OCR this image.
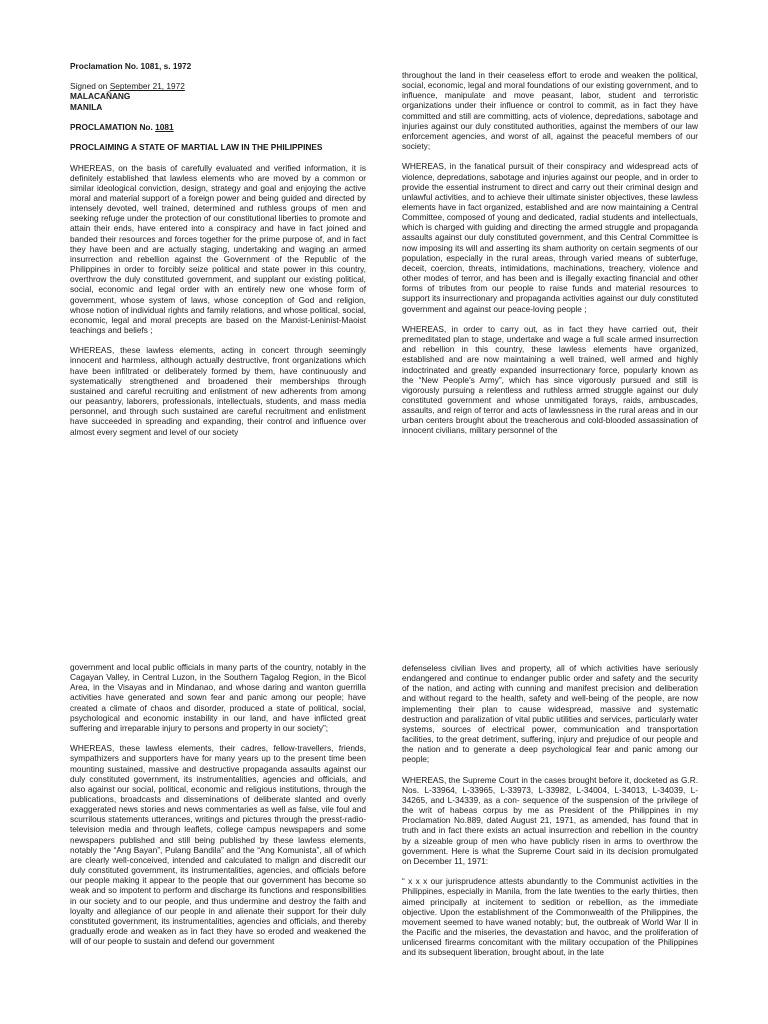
Proclamation No. 1081, s. 1972
Signed on September 21, 1972
MALACAÑANG
MANILA
PROCLAMATION No. 1081
PROCLAIMING A STATE OF MARTIAL LAW IN THE PHILIPPINES

WHEREAS, on the basis of carefully evaluated and verified information, it is definitely established that lawless elements who are moved by a common or similar ideological conviction, design, strategy and goal and enjoying the active moral and material support of a foreign power and being guided and directed by intensely devoted, well trained, determined and ruthless groups of men and seeking refuge under the protection of our constitutional liberties to promote and attain their ends, have entered into a conspiracy and have in fact joined and banded their resources and forces together for the prime purpose of, and in fact they have been and are actually staging, undertaking and waging an armed insurrection and rebellion against the Government of the Republic of the Philippines in order to forcibly seize political and state power in this country, overthrow the duly constituted government, and supplant our existing political, social, economic and legal order with an entirely new one whose form of government, whose system of laws, whose conception of God and religion, whose notion of individual rights and family relations, and whose political, social, economic, legal and moral precepts are based on the Marxist-Leninist-Maoist teachings and beliefs ;

WHEREAS, these lawless elements, acting in concert through seemingly innocent and harmless, although actually destructive, front organizations which have been infiltrated or deliberately formed by them, have continuously and systematically strengthened and broadened their memberships through sustained and careful recruiting and enlistment of new adherents from among our peasantry, laborers, professionals, intellectuals, students, and mass media personnel, and through such sustained are careful recruitment and enlistment have succeeded in spreading and expanding, their control and influence over almost every segment and level of our society

throughout the land in their ceaseless effort to erode and weaken the political, social, economic, legal and moral foundations of our existing government, and to influence, manipulate and move peasant, labor, student and terroristic organizations under their influence or control to commit, as in fact they have committed and still are committing, acts of violence, depredations, sabotage and injuries against our duly constituted authorities, against the members of our law enforcement agencies, and worst of all, against the peaceful members of our society;

WHEREAS, in the fanatical pursuit of their conspiracy and widespread acts of violence, depredations, sabotage and injuries against our people, and in order to provide the essential instrument to direct and carry out their criminal design and unlawful activities, and to achieve their ultimate sinister objectives, these lawless elements have in fact organized, established and are now maintaining a Central Committee, composed of young and dedicated, radial students and intellectuals, which is charged with guiding and directing the armed struggle and propaganda assaults against our duly constituted government, and this Central Committee is now imposing its will and asserting its sham authority on certain segments of our population, especially in the rural areas, through varied means of subterfuge, deceit, coercion, threats, intimidations, machinations, treachery, violence and other modes of terror, and has been and is illegally exacting financial and other forms of tributes from our people to raise funds and material resources to support its insurrectionary and propaganda activities against our duly constituted government and against our peace-loving people ;

WHEREAS, in order to carry out, as in fact they have carried out, their premeditated plan to stage, undertake and wage a full scale armed insurrection and rebellion in this country, these lawless elements have organized, established and are now maintaining a well trained, well armed and highly indoctrinated and greatly expanded insurrectionary force, popularly known as the “New People’s Army”, which has since vigorously pursued and still is vigorously pursuing a relentless and ruthless armed struggle against our duly constituted government and whose unmitigated forays, raids, ambuscades, assaults, and reign of terror and acts of lawlessness in the rural areas and in our urban centers brought about the treacherous and cold-blooded assassination of innocent civilians, military personnel of the

government and local public officials in many parts of the country, notably in the Cagayan Valley, in Central Luzon, in the Southern Tagalog Region, in the Bicol Area, in the Visayas and in Mindanao, and whose daring and wanton guerrilla activities have generated and sown fear and panic among our people; have created a climate of chaos and disorder, produced a state of political, social, psychological and economic instability in our land, and have inflicted great suffering and irreparable injury to persons and property in our society”;

WHEREAS, these lawless elements, their cadres, fellow-travellers, friends, sympathizers and supporters have for many years up to the present time been mounting sustained, massive and destructive propaganda assaults against our duly constituted government, its instrumentalities, agencies and officials, and also against our social, political, economic and religious institutions, through the publications, broadcasts and disseminations of deliberate slanted and overly exaggerated news stories and news commentaries as well as false, vile foul and scurrilous statements utterances, writings and pictures through the presst-radio-television media and through leaflets, college campus newspapers and some newspapers published and still being published by these lawless elements, notably the “Ang Bayan”, Pulang Bandila” and the “Ang Komunista”, all of which are clearly well-conceived, intended and calculated to malign and discredit our duly constituted government, its instrumentalities, agencies, and officials before our people making it appear to the people that our government has become so weak and so impotent to perform and discharge its functions and responsibilities in our society and to our people, and thus undermine and destroy the faith and loyalty and allegiance of our people in and alienate their support for their duly constituted government, its instrumentalities, agencies and officials, and thereby gradually erode and weaken as in fact they have so eroded and weakened the will of our people to sustain and defend our government

defenseless civilian lives and property, all of which activities have seriously endangered and continue to endanger public order and safety and the security of the nation, and acting with cunning and manifest precision and deliberation and without regard to the health, safety and well-being of the people, are now implementing their plan to cause widespread, massive and systematic destruction and paralization of vital public utilities and services, particularly water systems, sources of electrical power, communication and transportation facilities, to the great detriment, suffering, injury and prejudice of our people and the nation and to generate a deep psychological fear and panic among our people;

WHEREAS, the Supreme Court in the cases brought before it, docketed as G.R. Nos. L-33964, L-33965, L-33973, L-33982, L-34004, L-34013, L-34039, L-34265, and L-34339, as a con- sequence of the suspension of the privilege of the writ of habeas corpus by me as President of the Philippines in my Proclamation No.889, dated August 21, 1971, as amended, has found that in truth and in fact there exists an actual insurrection and rebellion in the country by a sizeable group of men who have publicly risen in arms to overthrow the government. Here is what the Supreme Court said in its decision promulgated on December 11, 1971:

“ x x x our jurisprudence attests abundantly to the Communist activities in the Philippines, especially in Manila, from the late twenties to the early thirties, then aimed principally at incitement to sedition or rebellion, as the immediate objective. Upon the establishment of the Commonwealth of the Philippines, the movement seemed to have waned notably; but, the outbreak of World War II in the Pacific and the miseries, the devastation and havoc, and the proliferation of unlicensed firearms concomitant with the military occupation of the Philippines and its subsequent liberation, brought about, in the late
